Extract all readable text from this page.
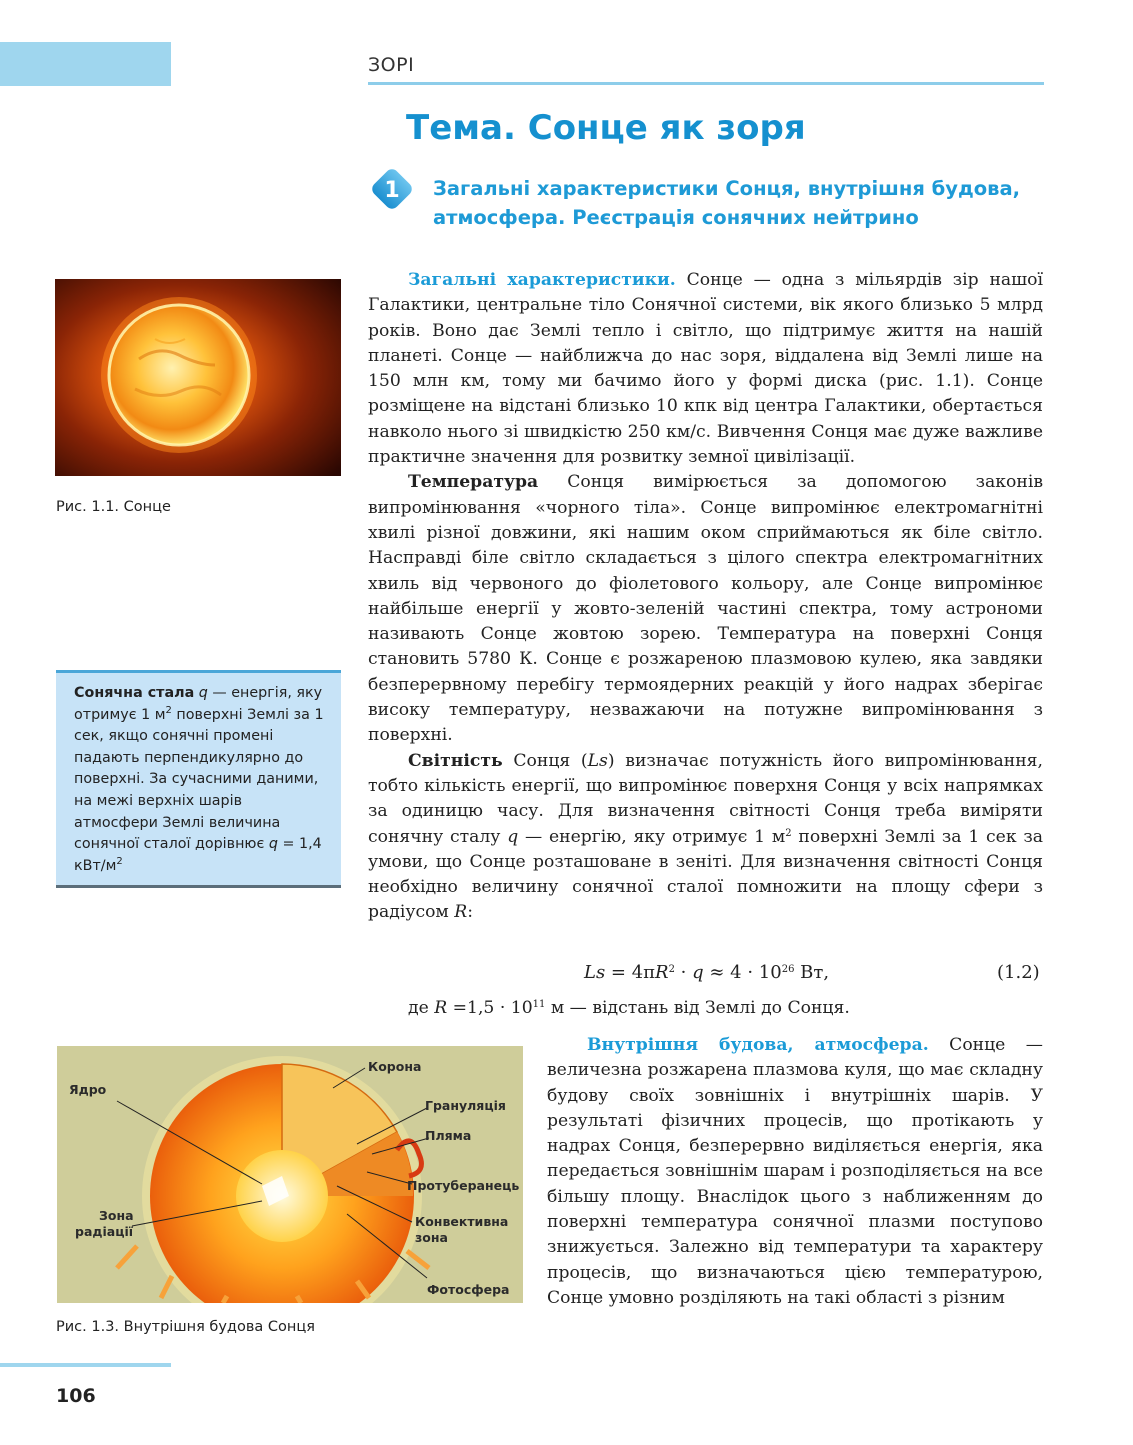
ЗОРІ
Тема. Сонце як зоря
1 Загальні характеристики Сонця, внутрішня будова, атмосфера. Реєстрація сонячних нейтрино

Загальні характеристики. Сонце — одна з мільярдів зір нашої Галактики, центральне тіло Сонячної системи, вік якого близько 5 млрд років. Воно дає Землі тепло і світло, що підтримує життя на нашій планеті. Сонце — найближча до нас зоря, віддалена від Землі лише на 150 млн км, тому ми бачимо його у формі диска (рис. 1.1). Сонце розміщене на відстані близько 10 кпк від центра Галактики, обертається навколо нього зі швидкістю 250 км/с. Вивчення Сонця має дуже важливе практичне значення для розвитку земної цивілізації.

Температура Сонця вимірюється за допомогою законів випромінювання «чорного тіла». Сонце випромінює електромагнітні хвилі різної довжини, які нашим оком сприймаються як біле світло. Насправді біле світло складається з цілого спектра електромагнітних хвиль від червоного до фіолетового кольору, але Сонце випромінює найбільше енергії у жовто-зеленій частині спектра, тому астрономи називають Сонце жовтою зорею. Температура на поверхні Сонця становить 5780 К. Сонце є розжареною плазмовою кулею, яка завдяки безперервному перебігу термоядерних реакцій у його надрах зберігає високу температуру, незважаючи на потужне випромінювання з поверхні.

Світність Сонця (Ls) визначає потужність його випромінювання, тобто кількість енергії, що випромінює поверхня Сонця у всіх напрямках за одиницю часу. Для визначення світності Сонця треба виміряти сонячну сталу q — енергію, яку отримує 1 $м^2$ поверхні Землі за 1 сек за умови, що Сонце розташоване в зеніті. Для визначення світності Сонця необхідно величину сонячної сталої помножити на площу сфери з радіусом R:

Рис. 1.1. Сонце
Сонячна стала q — енергія, яку отримує 1 $м^2$ поверхні Землі за 1 сек, якщо сонячні промені падають перпендикулярно до поверхні. За сучасними даними, на межі верхніх шарів атмосфери Землі величина сонячної сталої дорівнює q = 1,4 кВт/$м^2$
$Ls = 4\pi R^2 \cdot q \approx 4 \cdot 10^{26}$ Вт,	(1.2)
де $R =1,5 \cdot 10^{11}$ м — відстань від Землі до Сонця.
Корона
Ядро
Грануляція
Пляма
Протуберанець
Зона
радіації
Конвективна
зона
Фотосфера
Рис. 1.3. Внутрішня будова Сонця

Внутрішня будова, атмосфера. Сонце — величезна розжарена плазмова куля, що має складну будову своїх зовнішніх і внутрішніх шарів. У результаті фізичних процесів, що протікають у надрах Сонця, безперервно виділяється енергія, яка передається зовнішнім шарам і розподіляється на все більшу площу. Внаслідок цього з наближенням до поверхні температура сонячної плазми поступово знижується. Залежно від температури та характеру процесів, що визначаються цією температурою, Сонце умовно розділяють на такі області з різним

106
